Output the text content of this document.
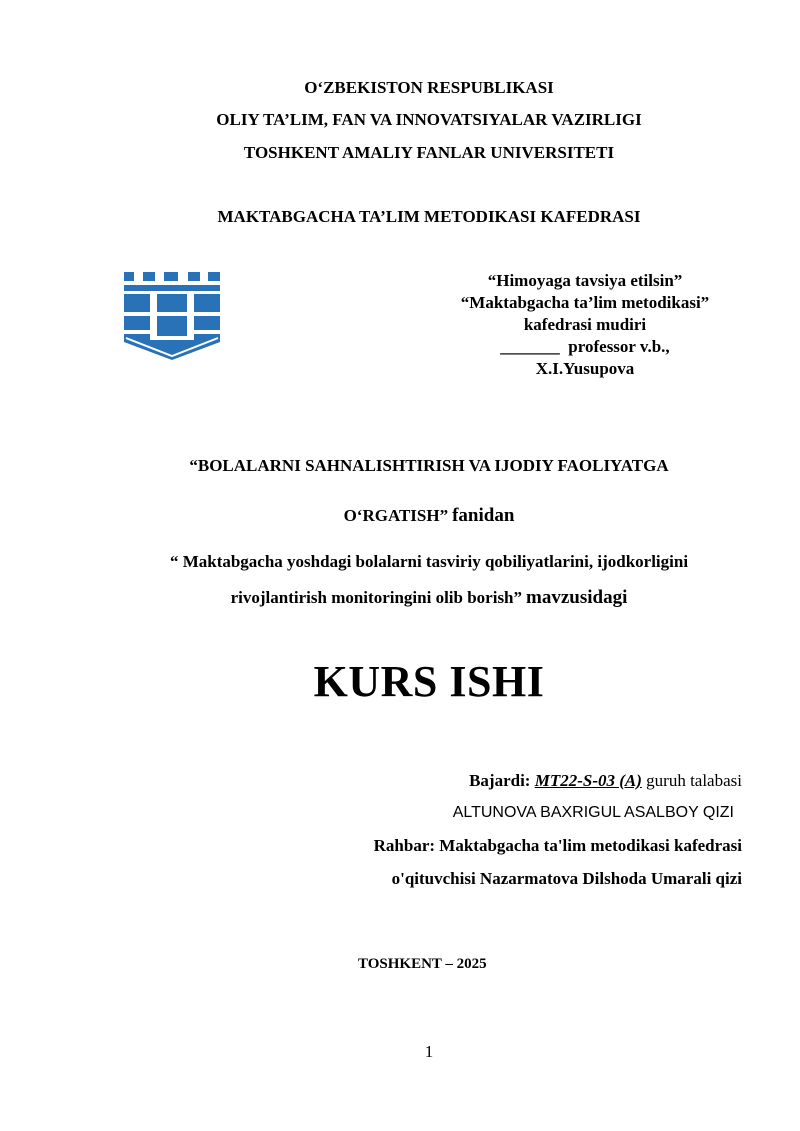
O‘ZBEKISTON RESPUBLIKASI
OLIY TA’LIM, FAN VA INNOVATSIYALAR VAZIRLIGI
TOSHKENT AMALIY FANLAR UNIVERSITETI
MAKTABGACHA TA’LIM METODIKASI KAFEDRASI
“Himoyaga tavsiya etilsin”
“Maktabgacha ta’lim metodikasi”
kafedrasi mudiri
_______ professor v.b.,
X.I.Yusupova
“BOLALARNI SAHNALISHTIRISH VA IJODIY FAOLIYATGA
O‘RGATISH” fanidan
“ Maktabgacha yoshdagi bolalarni tasviriy qobiliyatlarini, ijodkorligini
rivojlantirish monitoringini olib borish” mavzusidagi
KURS ISHI
Bajardi: MT22-S-03 (A) guruh talabasi
ALTUNOVA BAXRIGUL ASALBOY QIZI
Rahbar: Maktabgacha ta'lim metodikasi kafedrasi
o'qituvchisi Nazarmatova Dilshoda Umarali qizi
TOSHKENT – 2025
1
